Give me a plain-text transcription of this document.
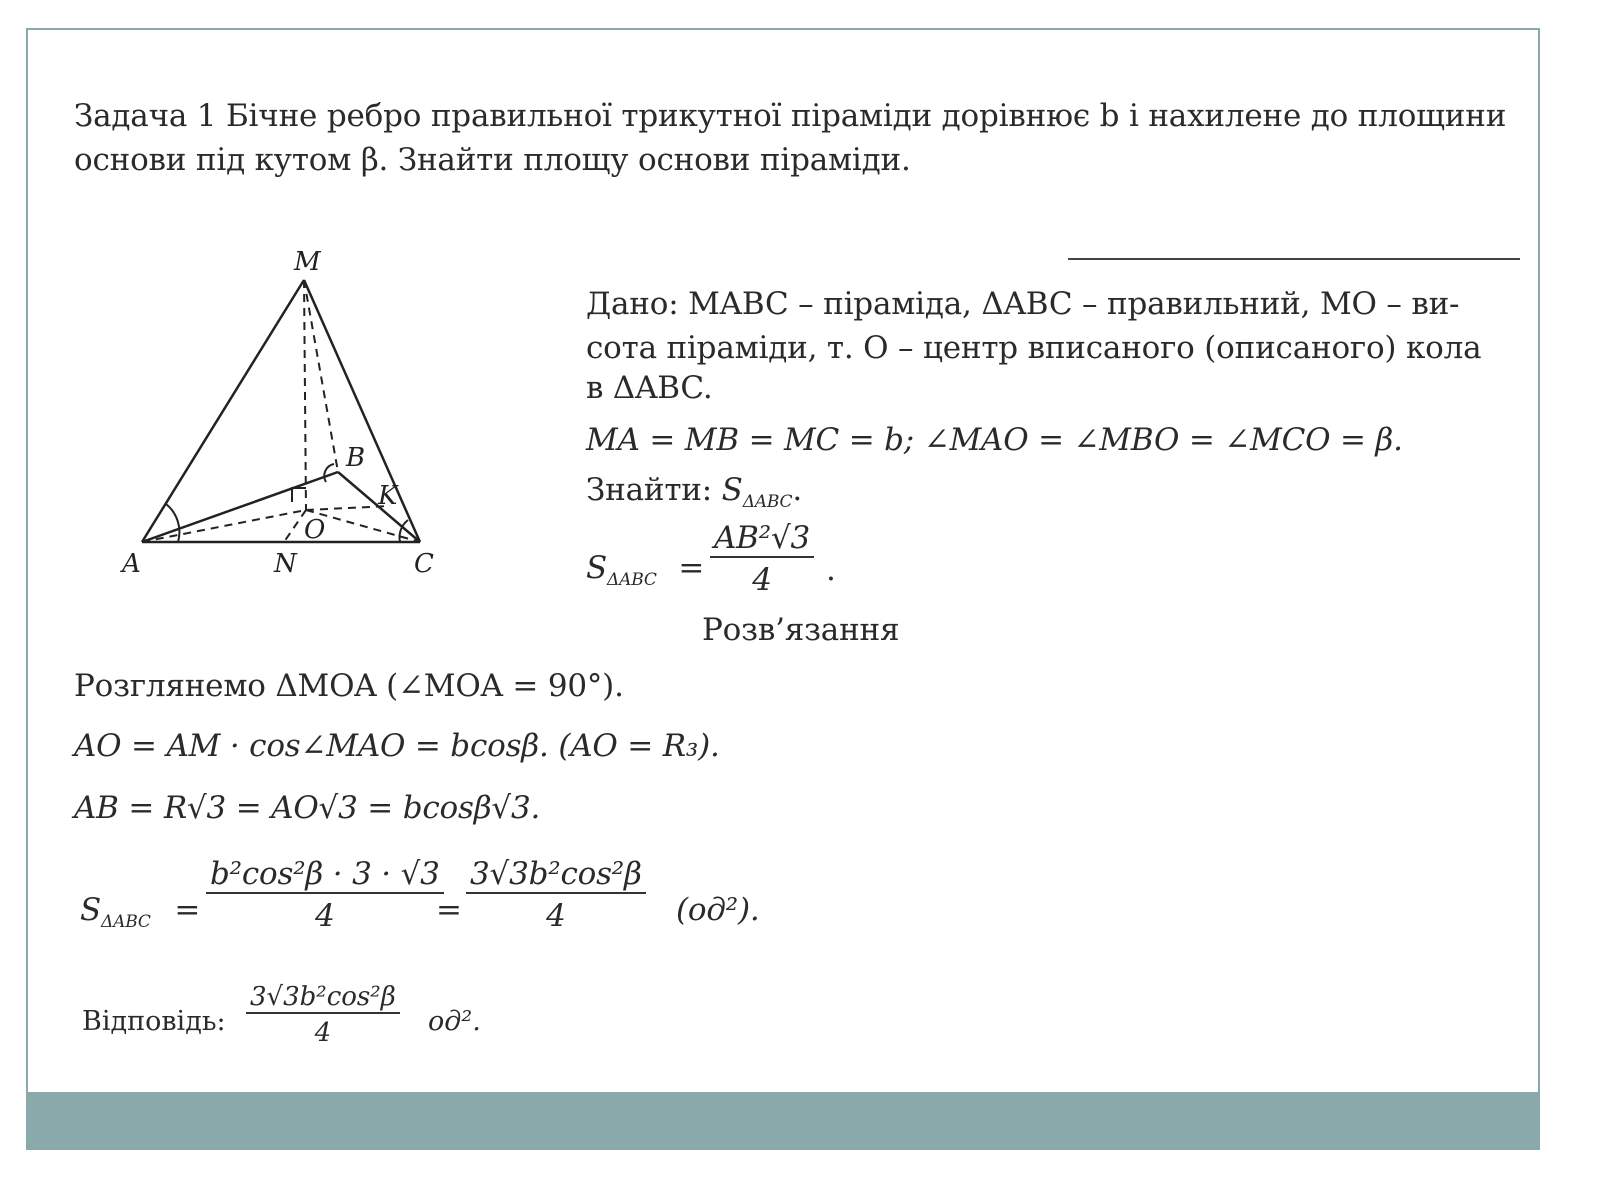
Задача 1 Бічне ребро правильної трикутної піраміди дорівнює b і нахилене до площини
основи під кутом β. Знайти площу основи піраміди.
M
A
B
C
O
N
K
Дано: MABC – піраміда, ΔABC – правильний, MO – ви-
сота піраміди, т. O – центр вписаного (описаного) кола
в ΔABC.
MA = MB = MC = b; ∠MAO = ∠MBO = ∠MCO = β.
Знайти: $S_{\Delta ABC}$.
$S_{\Delta ABC} = \frac{\text{AB²√3}}{4}$ .
Розв’язання
Розглянемо ΔMOA (∠MOA = 90°).
AO = AM · cos∠MAO = bcosβ. (AO = R₃).
AB = R√3 = AO√3 = bcosβ√3.
$S_{\Delta ABC} = \frac{\text{b²cos²β · 3 · √3}}{4}$
= $\frac{\text{3√3b²cos²β}}{4} (од^2)$.
Відповідь: $\frac{\text{3√3b²cos²β}}{4} од^2$.
